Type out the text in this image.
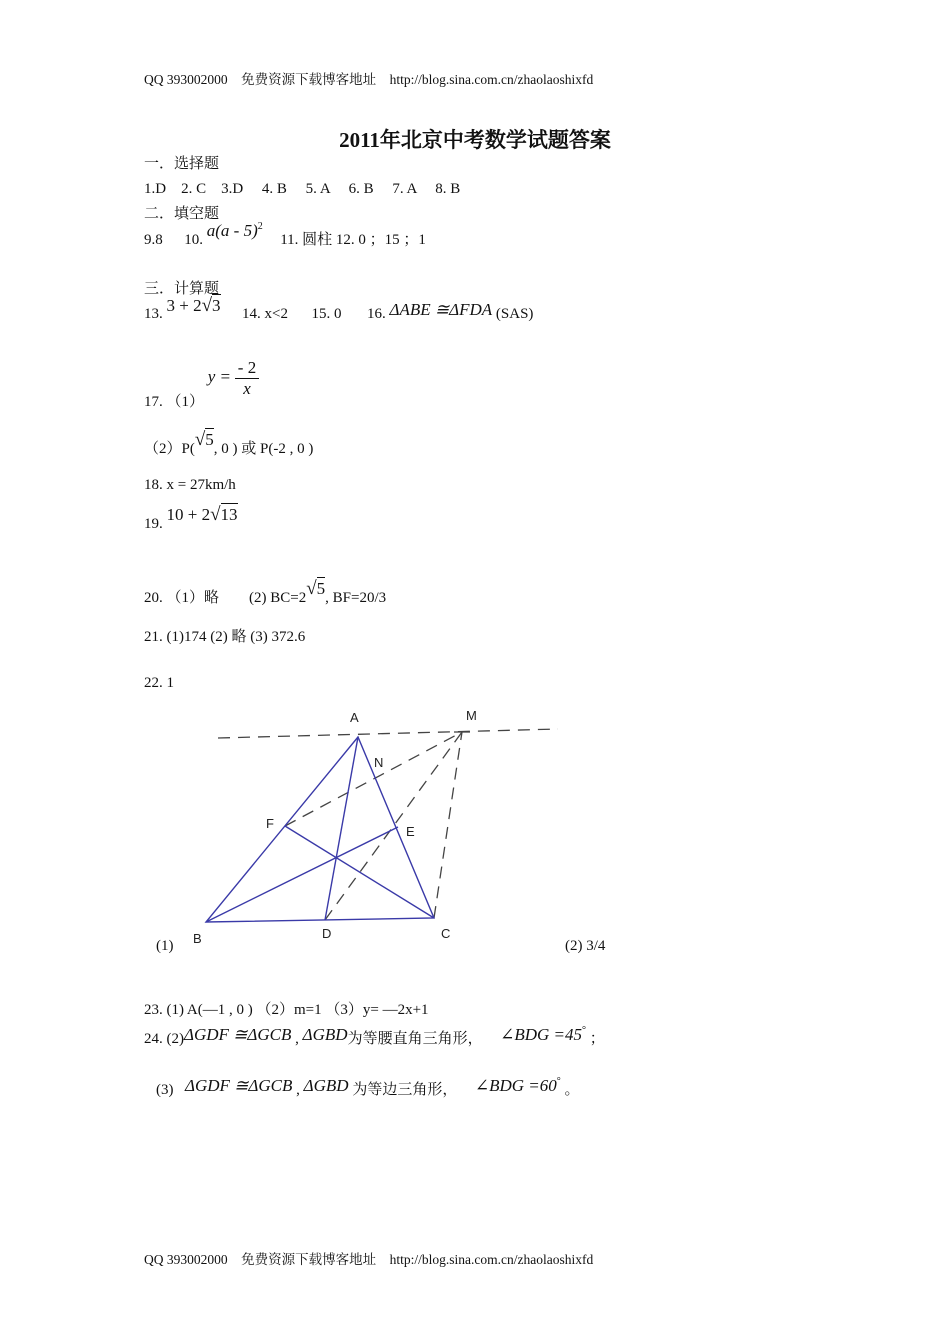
QQ 393002000　免费资源下载博客地址　http://blog.sina.com.cn/zhaolaoshixfd
2011年北京中考数学试题答案
一．选择题
1.D　2. C　3.D　 4. B　 5. A　 6. B　 7. A　 8. B
二．填空题
9.8 10. a(a - 5)$^2$  11. 圆柱 12. 0 ；15 ；1
三．计算题
13. 3 + 2√3 14. x<2 15. 0 16. ΔABE ≅ΔFDA (SAS)
17. （1） $y = \frac{- 2}{x}$
（2）P(√5, 0 ) 或 P(-2 , 0 )
18. x = 27km/h
19. 10 + 2√13
20. （1）略　　(2) BC=2√5, BF=20/3
21. (1)174 (2) 略 (3) 372.6
22. 1
A	M
N
F
E
B	D	C
(1)	(2) 3/4
23. (1) A(—1 , 0 ) （2）m=1 （3）y= —2x+1
24. (2)ΔGDF ≅ΔGCB , ΔGBD为等腰直角三角形， ∠BDG =45° ；
(3) ΔGDF ≅ΔGCB , ΔGBD 为等边三角形， ∠BDG =60° 。
QQ 393002000　免费资源下载博客地址　http://blog.sina.com.cn/zhaolaoshixfd
